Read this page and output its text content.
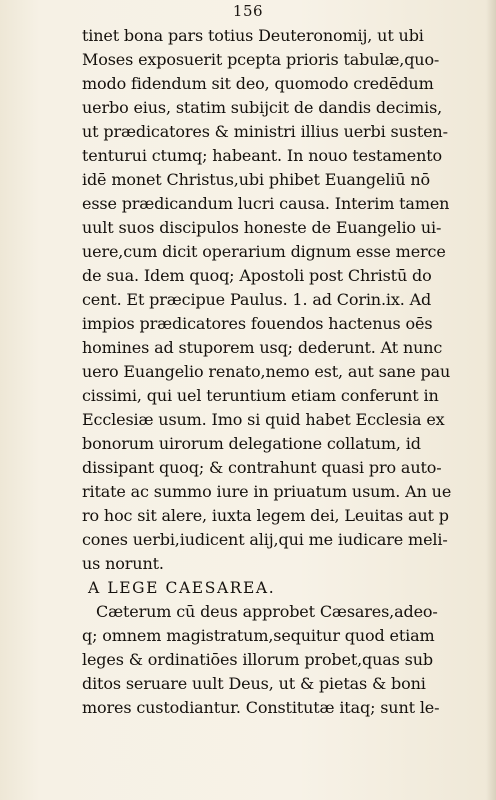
156
tinet bona pars totius Deuteronomij, ut ubi
Moses exposuerit pcepta prioris tabulæ,quo-
modo fidendum sit deo, quomodo credēdum
uerbo eius, statim subijcit de dandis decimis,
ut prædicatores & ministri illius uerbi susten-
tenturui ctumq; habeant. In nouo testamento
idē monet Christus,ubi phibet Euangeliū nō
esse prædicandum lucri causa. Interim tamen
uult suos discipulos honeste de Euangelio ui-
uere,cum dicit operarium dignum esse merce
de sua. Idem quoq; Apostoli post Christū do
cent. Et præcipue Paulus. 1. ad Corin.ix. Ad
impios prædicatores fouendos hactenus oēs
homines ad stuporem usq; dederunt. At nunc
uero Euangelio renato,nemo est, aut sane pau
cissimi, qui uel teruntium etiam conferunt in
Ecclesiæ usum. Imo si quid habet Ecclesia ex
bonorum uirorum delegatione collatum, id
dissipant quoq; & contrahunt quasi pro auto-
ritate ac summo iure in priuatum usum. An ue
ro hoc sit alere, iuxta legem dei, Leuitas aut p
cones uerbi,iudicent alij,qui me iudicare meli-
us norunt.
A LEGE CAESAREA.
Cæterum cū deus approbet Cæsares,adeo-
q; omnem magistratum,sequitur quod etiam
leges & ordinatiōes illorum probet,quas sub
ditos seruare uult Deus, ut & pietas & boni
mores custodiantur. Constitutæ itaq; sunt le-
